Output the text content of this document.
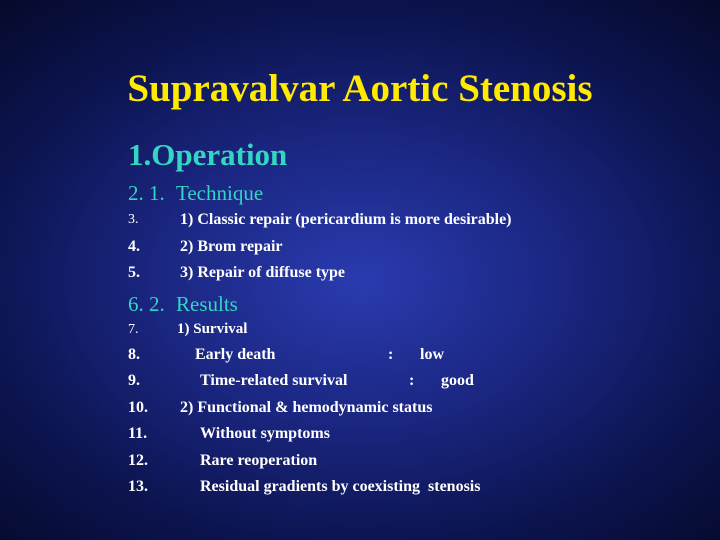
Supravalvar Aortic Stenosis
1.Operation
2. 1. Technique
3.	1) Classic repair (pericardium is more desirable)
4.	2) Brom repair
5.	3) Repair of diffuse type
6. 2. Results
7.	1) Survival
8.	Early death	: low
9.	Time-related survival	: good
10. 2) Functional & hemodynamic status
11.	Without symptoms
12.	Rare reoperation
13.	Residual gradients by coexisting  stenosis
